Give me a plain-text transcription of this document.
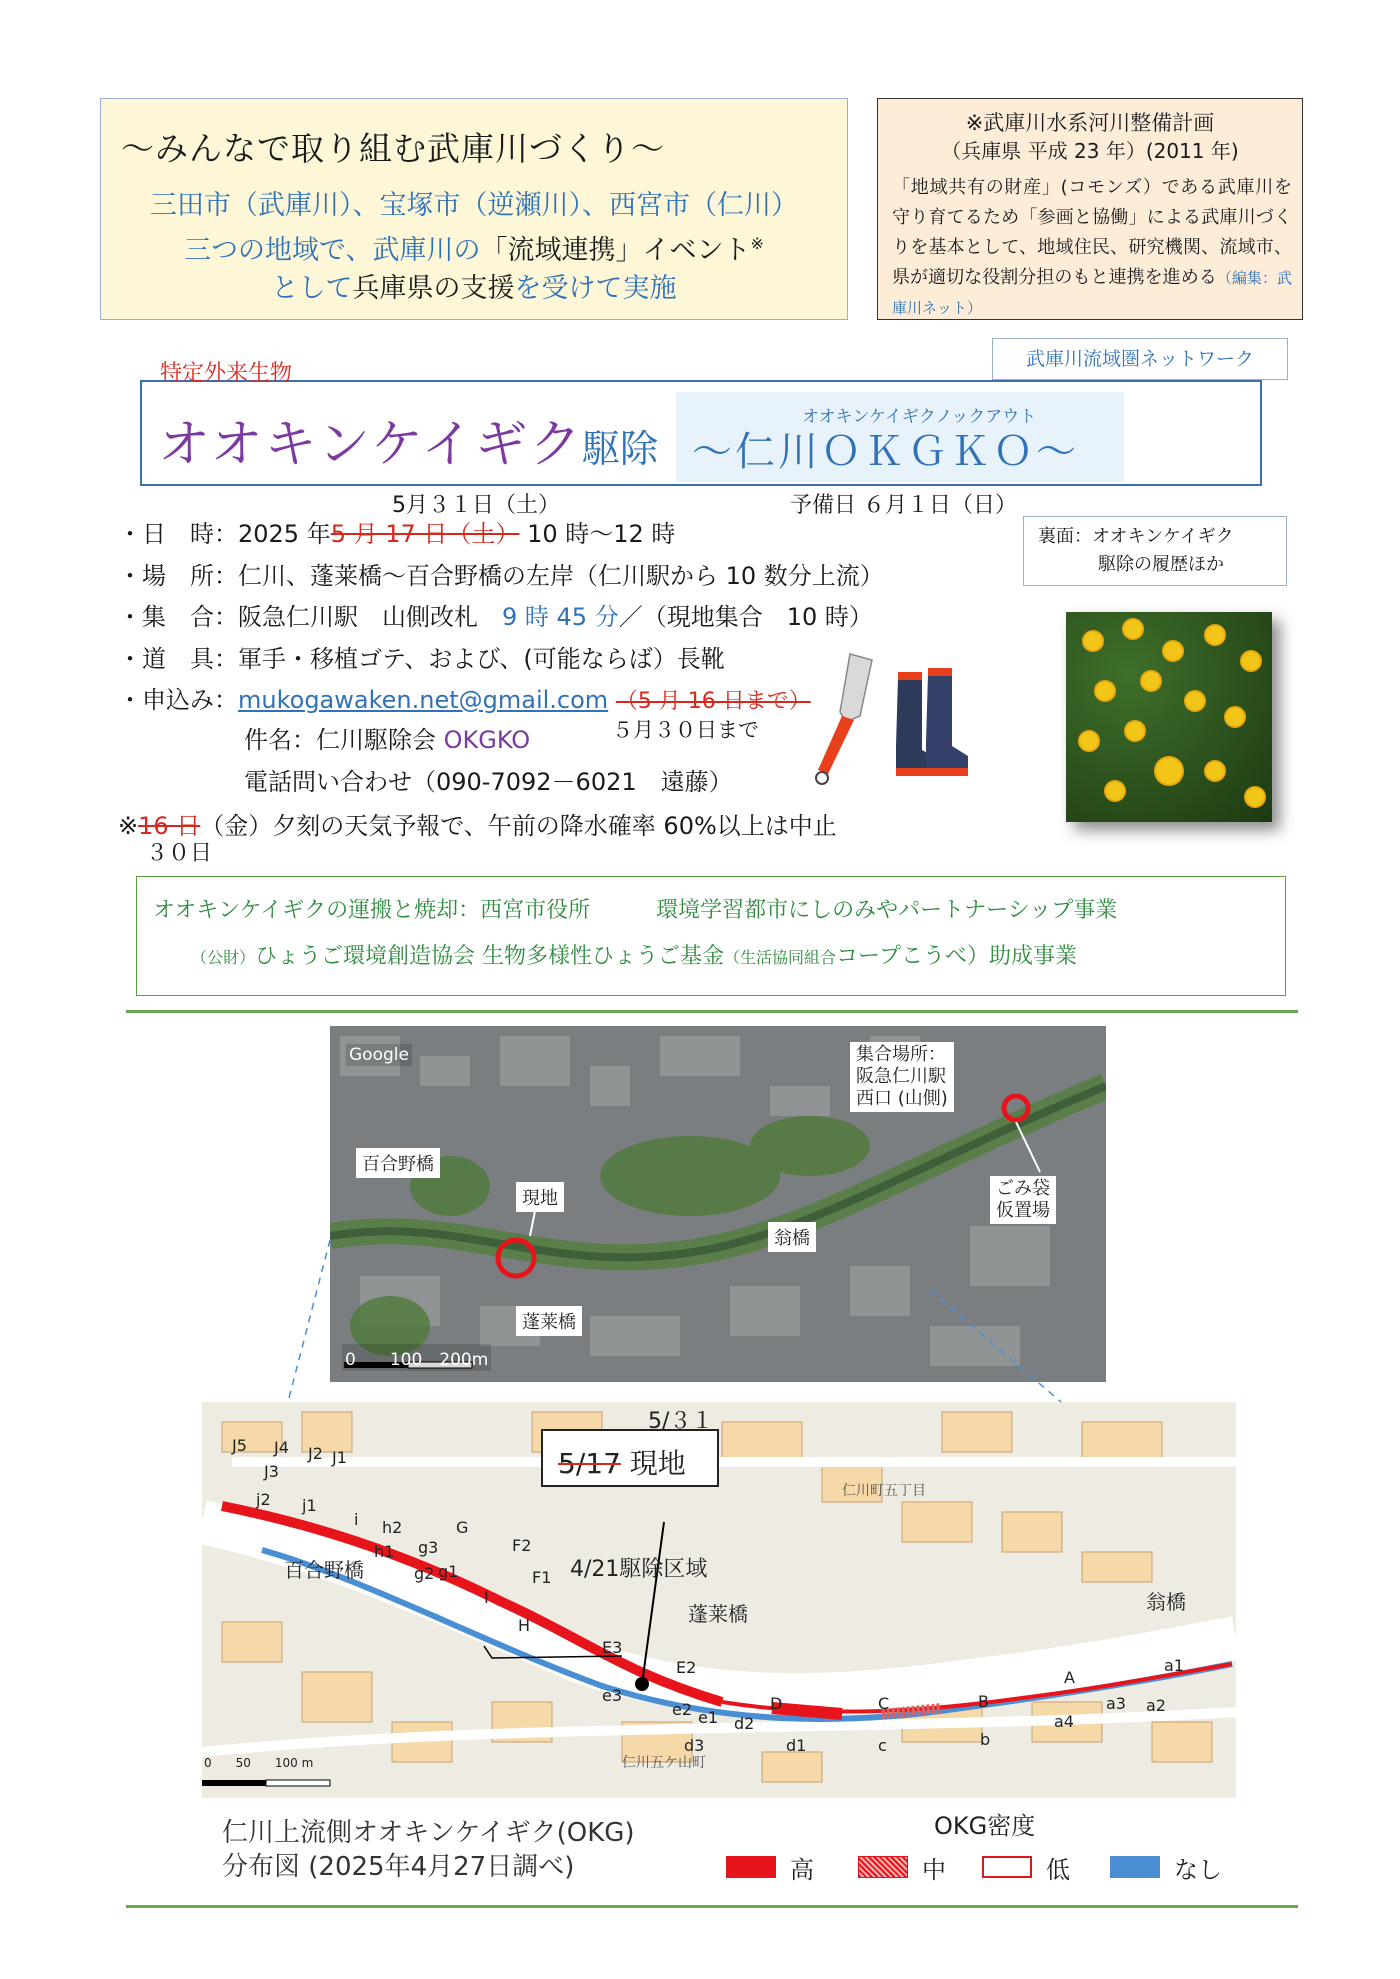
～みんなで取り組む武庫川づくり～
三田市（武庫川）、宝塚市（逆瀬川）、西宮市（仁川）
三つの地域で、武庫川の「流域連携」イベント※
として兵庫県の支援を受けて実施
※武庫川水系河川整備計画
（兵庫県 平成 23 年）(2011 年)
「地域共有の財産」(コモンズ）である武庫川を守り育てるため「参画と協働」による武庫川づくりを基本として、地域住民、研究機関、流域市、県が適切な役割分担のもと連携を進める（編集：武庫川ネット）
武庫川流域圏ネットワーク
特定外来生物
オオキンケイギク
駆除
オオキンケイギクノックアウト
～仁川ＯＫＧＫＯ～
5月３１日（土）	予備日 ６月１日（日）
・日　時：2025 年5 月 17 日（土） 10 時～12 時
・場　所：仁川、蓬莱橋～百合野橋の左岸（仁川駅から 10 数分上流）
・集　合：阪急仁川駅　山側改札　 9 時 45 分／（現地集合　10 時）
・道　具：軍手・移植ゴテ、および、(可能ならば）長靴
・申込み：mukogawaken.net@gmail.com （5 月 16 日まで）
５月３０日まで
件名：仁川駆除会 OKGKO
電話問い合わせ（090-7092－6021　遠藤）
※16 日（金）夕刻の天気予報で、午前の降水確率 60%以上は中止
３０日
裏面：オオキンケイギク
駆除の履歴ほか
オオキンケイギクの運搬と焼却：西宮市役所　　　	環境学習都市にしのみやパートナーシップ事業
（公財）ひょうご環境創造協会 生物多様性ひょうご基金（生活協同組合コープこうべ）助成事業
Google	集合場所：
阪急仁川駅
西口 (山側)
百合野橋
現地
翁橋
蓬莱橋
ごみ袋
仮置場
0　　100　200m
5/３１
5/17 現地
4/21駆除区域
百合野橋
蓬莱橋	翁橋
仁川町五丁目
仁川五ケ山町
0　　50　　100 m
J5 J4 J2 J1
J3
j2 j1
i h2
h1 g3
g2 g1
I
H
G
F2
F1
E3
E2
e3
e2 e1 d2
d3	d1
D	C	B
A
c	b
a4
a3 a2
a1
仁川上流側オオキンケイギク(OKG)
分布図 (2025年4月27日調べ)
OKG密度
高	中	低	なし
